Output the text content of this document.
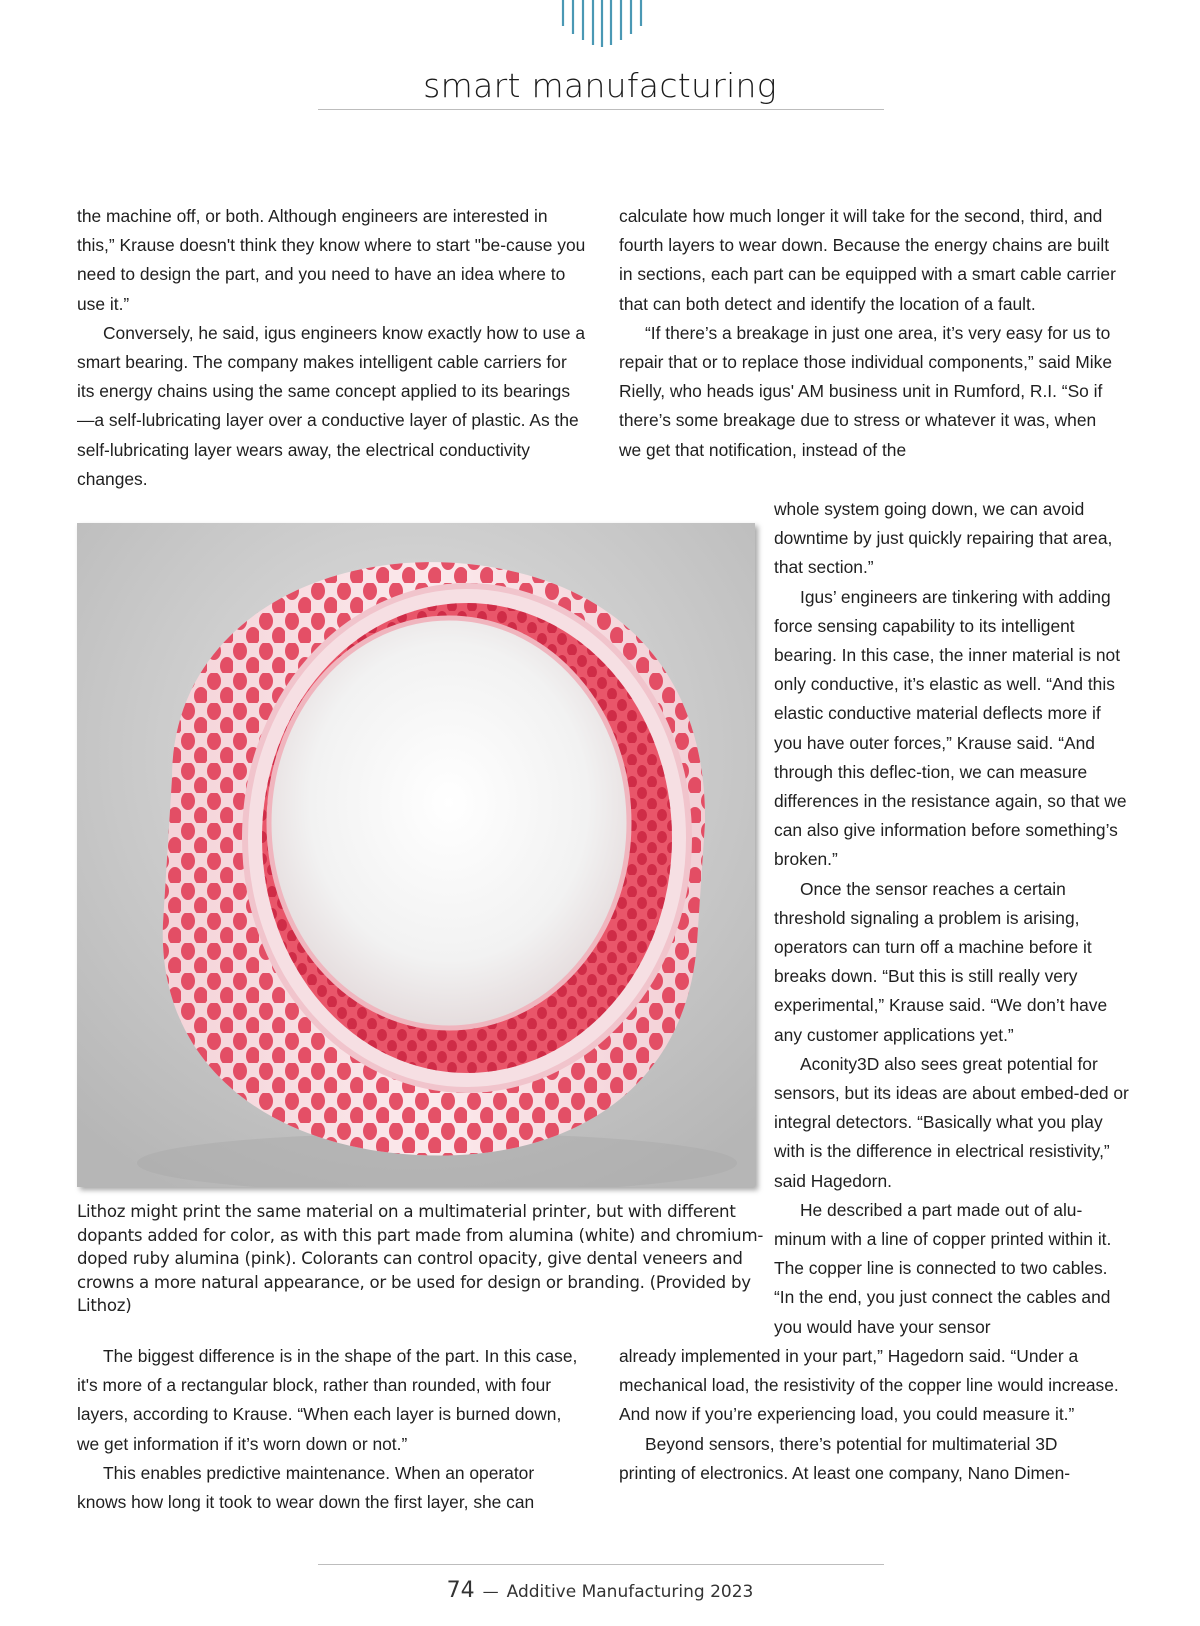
smart manufacturing

the machine off, or both. Although engineers are interested in this,” Krause doesn't think they know where to start "be-cause you need to design the part, and you need to have an idea where to use it.”

Conversely, he said, igus engineers know exactly how to use a smart bearing. The company makes intelligent cable carriers for its energy chains using the same concept applied to its bearings—a self-lubricating layer over a conductive layer of plastic. As the self-lubricating layer wears away, the electrical conductivity changes.

calculate how much longer it will take for the second, third, and fourth layers to wear down. Because the energy chains are built in sections, each part can be equipped with a smart cable carrier that can both detect and identify the location of a fault.

“If there’s a breakage in just one area, it’s very easy for us to repair that or to replace those individual components,” said Mike Rielly, who heads igus' AM business unit in Rumford, R.I. “So if there’s some breakage due to stress or whatever it was, when we get that notification, instead of the

whole system going down, we can avoid downtime by just quickly repairing that area, that section.”

Igus’ engineers are tinkering with adding force sensing capability to its intelligent bearing. In this case, the inner material is not only conductive, it’s elastic as well. “And this elastic conductive material deflects more if you have outer forces,” Krause said. “And through this deflec-tion, we can measure differences in the resistance again, so that we can also give information before something’s broken.”

Once the sensor reaches a certain threshold signaling a problem is arising, operators can turn off a machine before it breaks down. “But this is still really very experimental,” Krause said. “We don’t have any customer applications yet.”

Aconity3D also sees great potential for sensors, but its ideas are about embed-ded or integral detectors. “Basically what you play with is the difference in electrical resistivity,” said Hagedorn.

He described a part made out of alu-minum with a line of copper printed within it. The copper line is connected to two cables. “In the end, you just connect the cables and you would have your sensor

Lithoz might print the same material on a multimaterial printer, but with different dopants added for color, as with this part made from alumina (white) and chromium-doped ruby alumina (pink). Colorants can control opacity, give dental veneers and crowns a more natural appearance, or be used for design or branding. (Provided by Lithoz)

The biggest difference is in the shape of the part. In this case, it's more of a rectangular block, rather than rounded, with four layers, according to Krause. “When each layer is burned down, we get information if it’s worn down or not.”

This enables predictive maintenance. When an operator knows how long it took to wear down the first layer, she can

already implemented in your part,” Hagedorn said. “Under a mechanical load, the resistivity of the copper line would increase. And now if you’re experiencing load, you could measure it.”

Beyond sensors, there’s potential for multimaterial 3D printing of electronics. At least one company, Nano Dimen-

74 — Additive Manufacturing 2023
